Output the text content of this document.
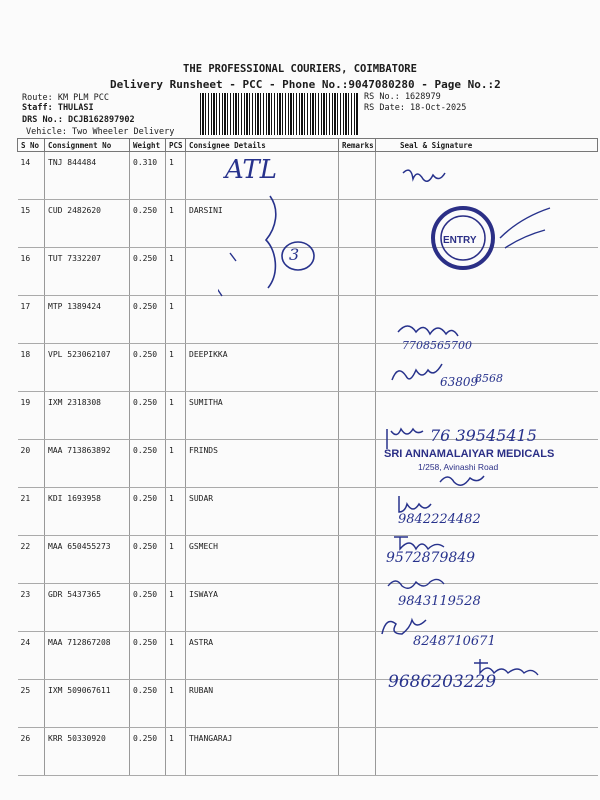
THE PROFESSIONAL COURIERS, COIMBATORE
Delivery Runsheet - PCC - Phone No.:9047080280 - Page No.:2
Route: KM PLM PCC
Staff: THULASI
DRS No.: DCJB162897902
Vehicle: Two Wheeler Delivery
RS No.: 1628979
RS Date: 18-Oct-2025
S No	Consignment No	Weight	PCS	Consignee Details	Remarks	Seal & Signature
14	TNJ 844484	0.310	1			
15	CUD 2482620	0.250	1	DARSINI		
16	TUT 7332207	0.250	1			
17	MTP 1389424	0.250	1			
18	VPL 523062107	0.250	1	DEEPIKKA		
19	IXM 2318308	0.250	1	SUMITHA		
20	MAA 713863892	0.250	1	FRINDS		
21	KDI 1693958	0.250	1	SUDAR		
22	MAA 650455273	0.250	1	GSMECH		
23	GDR 5437365	0.250	1	ISWAYA		
24	MAA 712867208	0.250	1	ASTRA		
25	IXM 509067611	0.250	1	RUBAN		
26	KRR 50330920	0.250	1	THANGARAJ		
ATL
3
ENTRY
7708565700
63809
8568
76 39545415
SRI ANNAMALAIYAR MEDICALS
1/258, Avinashi Road
9842224482
9572879849
9843119528
8248710671
9686203229
